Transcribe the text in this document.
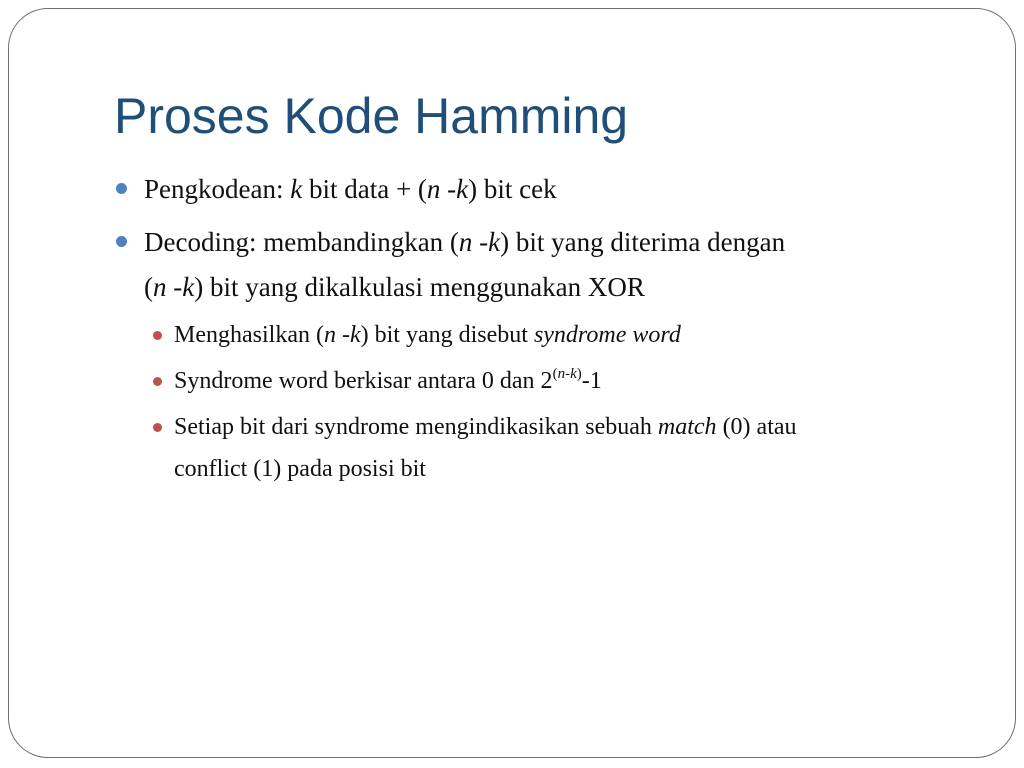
Proses Kode Hamming

Pengkodean: k bit data + (n -k) bit cek

Decoding: membandingkan (n -k) bit yang diterima dengan

(n -k) bit yang dikalkulasi menggunakan XOR

Menghasilkan (n -k) bit yang disebut syndrome word

Syndrome word berkisar antara 0 dan 2$^{(n-k)}$-1

Setiap bit dari syndrome mengindikasikan sebuah match (0) atau

conflict (1) pada posisi bit
